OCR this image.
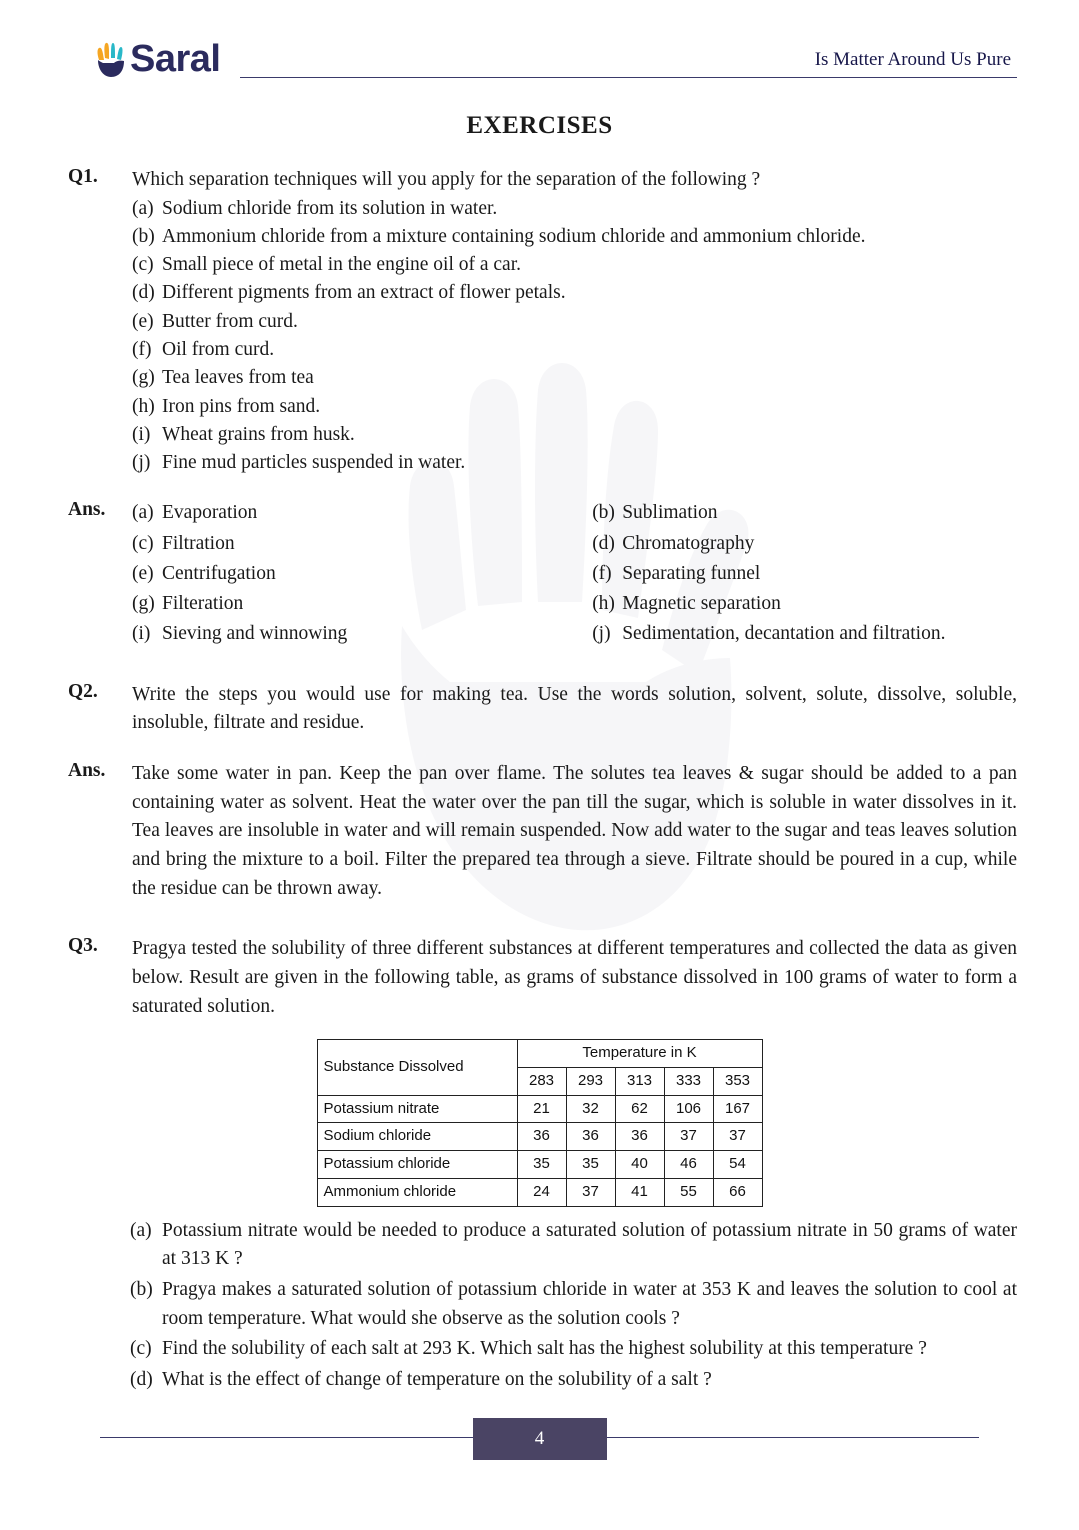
Saral	Is Matter Around Us Pure
EXERCISES
Q1.	Which separation techniques will you apply for the separation of the following ?
(a) Sodium chloride from its solution in water.
(b) Ammonium chloride from a mixture containing sodium chloride and ammonium chloride.
(c) Small piece of metal in the engine oil of a car.
(d) Different pigments from an extract of flower petals.
(e) Butter from curd.
(f) Oil from curd.
(g) Tea leaves from tea
(h) Iron pins from sand.
(i) Wheat grains from husk.
(j) Fine mud particles suspended in water.
Ans.	(a) Evaporation	(b) Sublimation
(c) Filtration	(d) Chromatography
(e) Centrifugation	(f) Separating funnel
(g) Filteration	(h) Magnetic separation
(i) Sieving and winnowing	(j) Sedimentation, decantation and filtration.
Q2.	Write the steps you would use for making tea. Use the words solution, solvent, solute, dissolve, soluble, insoluble, filtrate and residue.
Ans.	Take some water in pan. Keep the pan over flame. The solutes tea leaves & sugar should be added to a pan containing water as solvent. Heat the water over the pan till the sugar, which is soluble in water dissolves in it. Tea leaves are insoluble in water and will remain suspended. Now add water to the sugar and teas leaves solution and bring the mixture to a boil. Filter the prepared tea through a sieve. Filtrate should be poured in a cup, while the residue can be thrown away.
Q3.	Pragya tested the solubility of three different substances at different temperatures and collected the data as given below. Result are given in the following table, as grams of substance dissolved in 100 grams of water to form a saturated solution.
Substance Dissolved	Temperature in K				
	283	293	313	333	353
Potassium nitrate	21	32	62	106	167
Sodium chloride	36	36	36	37	37
Potassium chloride	35	35	40	46	54
Ammonium chloride	24	37	41	55	66
(a) Potassium nitrate would be needed to produce a saturated solution of potassium nitrate in 50 grams of water at 313 K ?
(b) Pragya makes a saturated solution of potassium chloride in water at 353 K and leaves the solution to cool at room temperature. What would she observe as the solution cools ?
(c) Find the solubility of each salt at 293 K. Which salt has the highest solubility at this temperature ?
(d) What is the effect of change of temperature on the solubility of a salt ?
4
